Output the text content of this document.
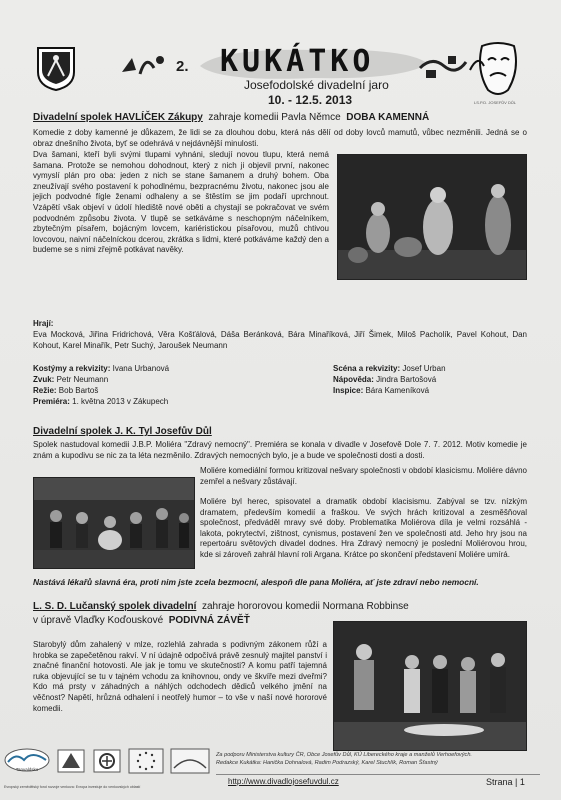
2. KUKÁTKO
Josefodolské divadelní jaro
10. - 12.5. 2013	LS.P.D. JOSEFŮV DŮL
Divadelní spolek HAVLÍČEK Zákupy zahraje komedii Pavla Němce DOBA KAMENNÁ
Komedie z doby kamenné je důkazem, že lidi se za dlouhou dobu, která nás dělí od doby lovců mamutů, vůbec nezměnili. Jedná se o obraz dnešního života, byť se odehrává v nejdávnější minulosti.
Dva šamani, kteří byli svými tlupami vyhnáni, sledují novou tlupu, která nemá šamana. Protože se nemohou dohodnout, který z nich ji objevil první, nakonec vymyslí plán pro oba: jeden z nich se stane šamanem a druhý bohem. Oba zneužívají svého postavení k pohodlnému, bezpracnému životu, nakonec jsou ale jejich podvodné fígle ženami odhaleny a se štěstím se jim podaří uprchnout. Vzápětí však objeví v údolí hlediště nové oběti a chystají se pokračovat ve svém podvodném způsobu života. V tlupě se setkáváme s neschopným náčelníkem, zbytečným písařem, bojácným lovcem, kariéristickou písařovou, mužů chtivou lovcovou, naivní náčelníckou dcerou, zkrátka s lidmi, které potkáváme každý den a budeme se s nimi zřejmě potkávat navěky.
Hrají:
Eva Mocková, Jiřina Fridrichová, Věra Košťálová, Dáša Beránková, Bára Minaříková, Jiří Šimek, Miloš Pacholík, Pavel Kohout, Dan Kohout, Karel Minařík, Petr Suchý, Jaroušek Neumann
Kostýmy a rekvizity: Ivana Urbanová
Zvuk: Petr Neumann
Režie: Bob Bartoš
Premiéra: 1. května 2013 v Zákupech
Scéna a rekvizity: Josef Urban
Nápověda: Jindra Bartošová
Inspice: Bára Kameníková
Divadelní spolek J. K. Tyl Josefův Důl
Spolek nastudoval komedii J.B.P. Moliéra "Zdravý nemocný". Premiéra se konala v divadle v Josefově Dole 7. 7. 2012. Motiv komedie je znám a kupodivu se nic za ta léta nezměnilo. Zdravých nemocných bylo, je a bude ve společnosti dosti a dosti.
Moliére komediální formou kritizoval nešvary společnosti v období klasicismu. Moliére dávno zemřel a nešvary zůstávají.
Moliére byl herec, spisovatel a dramatik období klacisismu. Zabýval se tzv. nízkým dramatem, především komedií a fraškou. Ve svých hrách kritizoval a zesměšňoval společnost, předváděl mravy své doby. Problematika Moliérova díla je velmi rozsáhlá - lakota, pokrytectví, zištnost, cynismus, postavení žen ve společnosti atd. Jeho hry jsou na repertoáru světových divadel dodnes. Hra Zdravý nemocný je poslední Moliérovou hrou, kde si zároveň zahrál hlavní roli Argana. Krátce po skončení představení Moliére umírá.
Nastává lékařů slavná éra, proti nim jste zcela bezmocní, alespoň dle pana Moliéra, ať jste zdraví nebo nemocní.
L. S. D. Lučanský spolek divadelní zahraje hororovou komedii Normana Robbinse
v úpravě Vlaďky Koďouskové PODIVNÁ ZÁVĚŤ
Starobylý dům zahalený v mlze, rozlehlá zahrada s podivným zákonem růží a hrobka se zapečetěnou rakví. V ní údajně odpočívá právě zesnulý majitel panství i značné finanční hotovosti. Ale jak je tomu ve skutečnosti? A komu patří tajemná ruka objevující se tu v tajném vchodu za knihovnou, ondy ve škvíře mezi dveřmi? Kdo má prsty v záhadných a náhlých odchodech dědiců velkého jmění na věčnost? Napětí, hrůzná odhalení i neotřelý humor – to vše v naší nové hororové komedii.
Tanvaldsko
Za podporu Ministerstva kultury ČR, Obce Josefův Důl, KÚ Libereckého kraje a manželů Verhoefových.
Redakce Kukátka: Hanička Dohnalová, Radim Podrazský, Karel Stuchlík, Roman Šťastný
http://www.divadlojosefuvdul.cz	Strana | 1
Evropský zemědělský fond rozvoje venkova: Evropa investuje do venkovských oblastí
